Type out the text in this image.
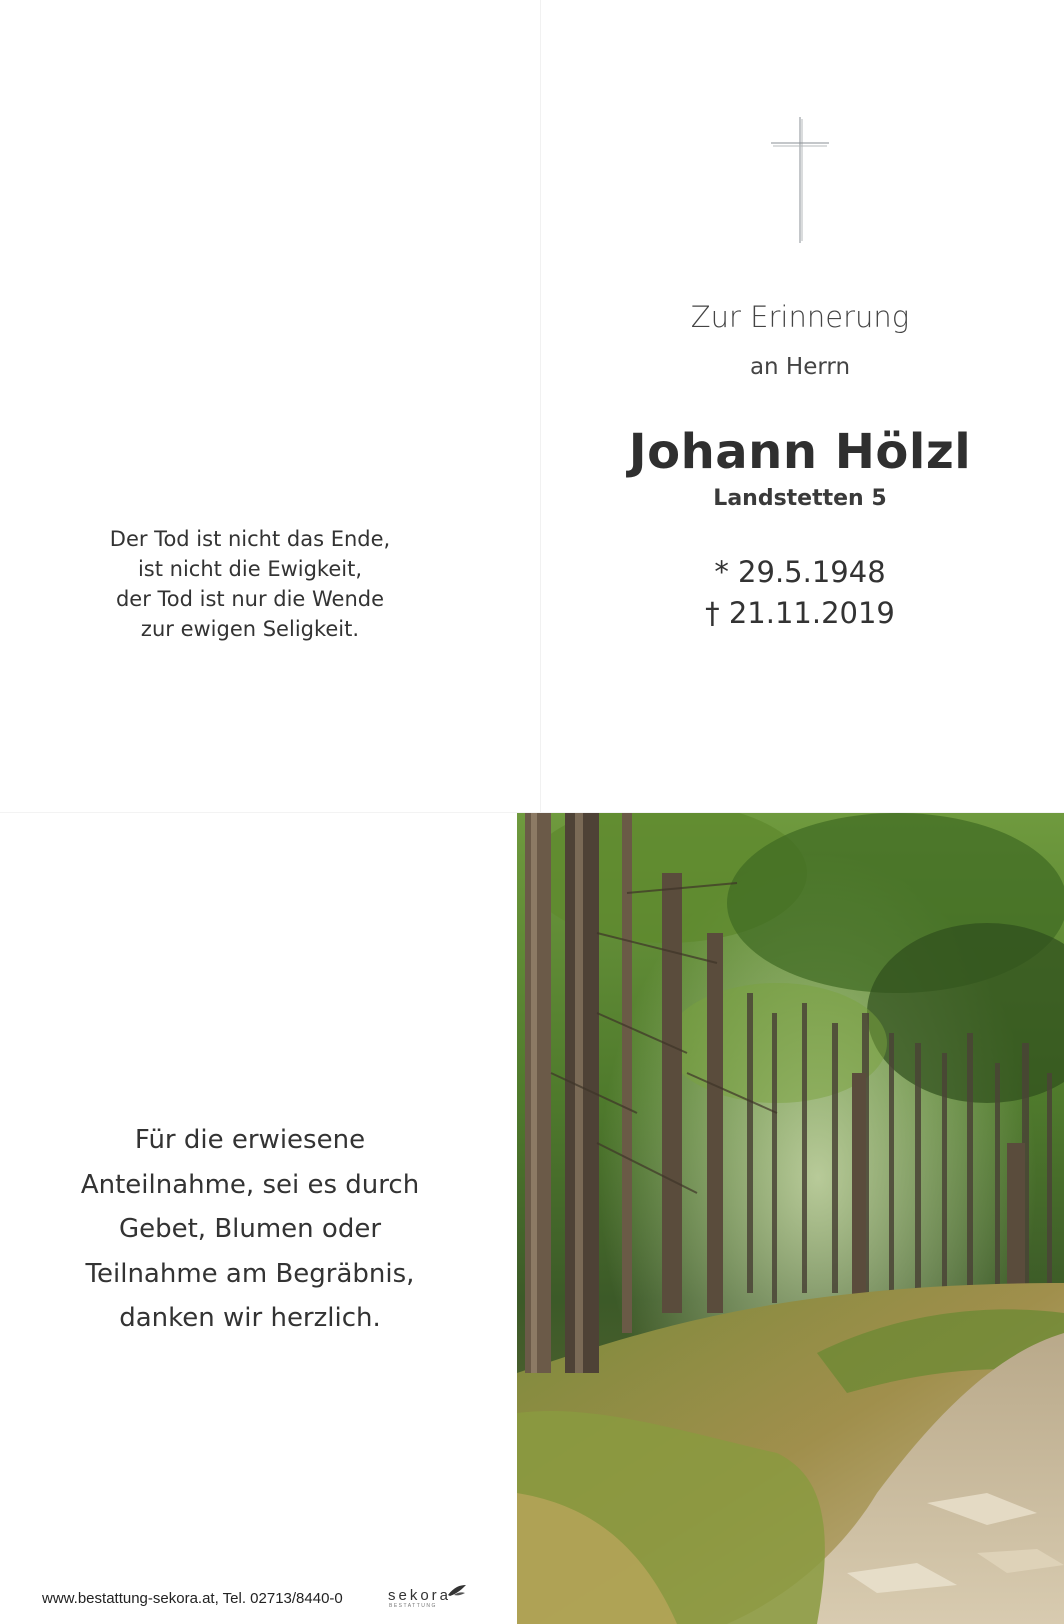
Zur Erinnerung
an Herrn
Johann Hölzl
Landstetten 5
* 29.5.1948
† 21.11.2019
Der Tod ist nicht das Ende,
ist nicht die Ewigkeit,
der Tod ist nur die Wende
zur ewigen Seligkeit.
Für die erwiesene
Anteilnahme, sei es durch
Gebet, Blumen oder
Teilnahme am Begräbnis,
danken wir herzlich.
www.bestattung-sekora.at, Tel. 02713/8440-0	sekora
BESTATTUNG
